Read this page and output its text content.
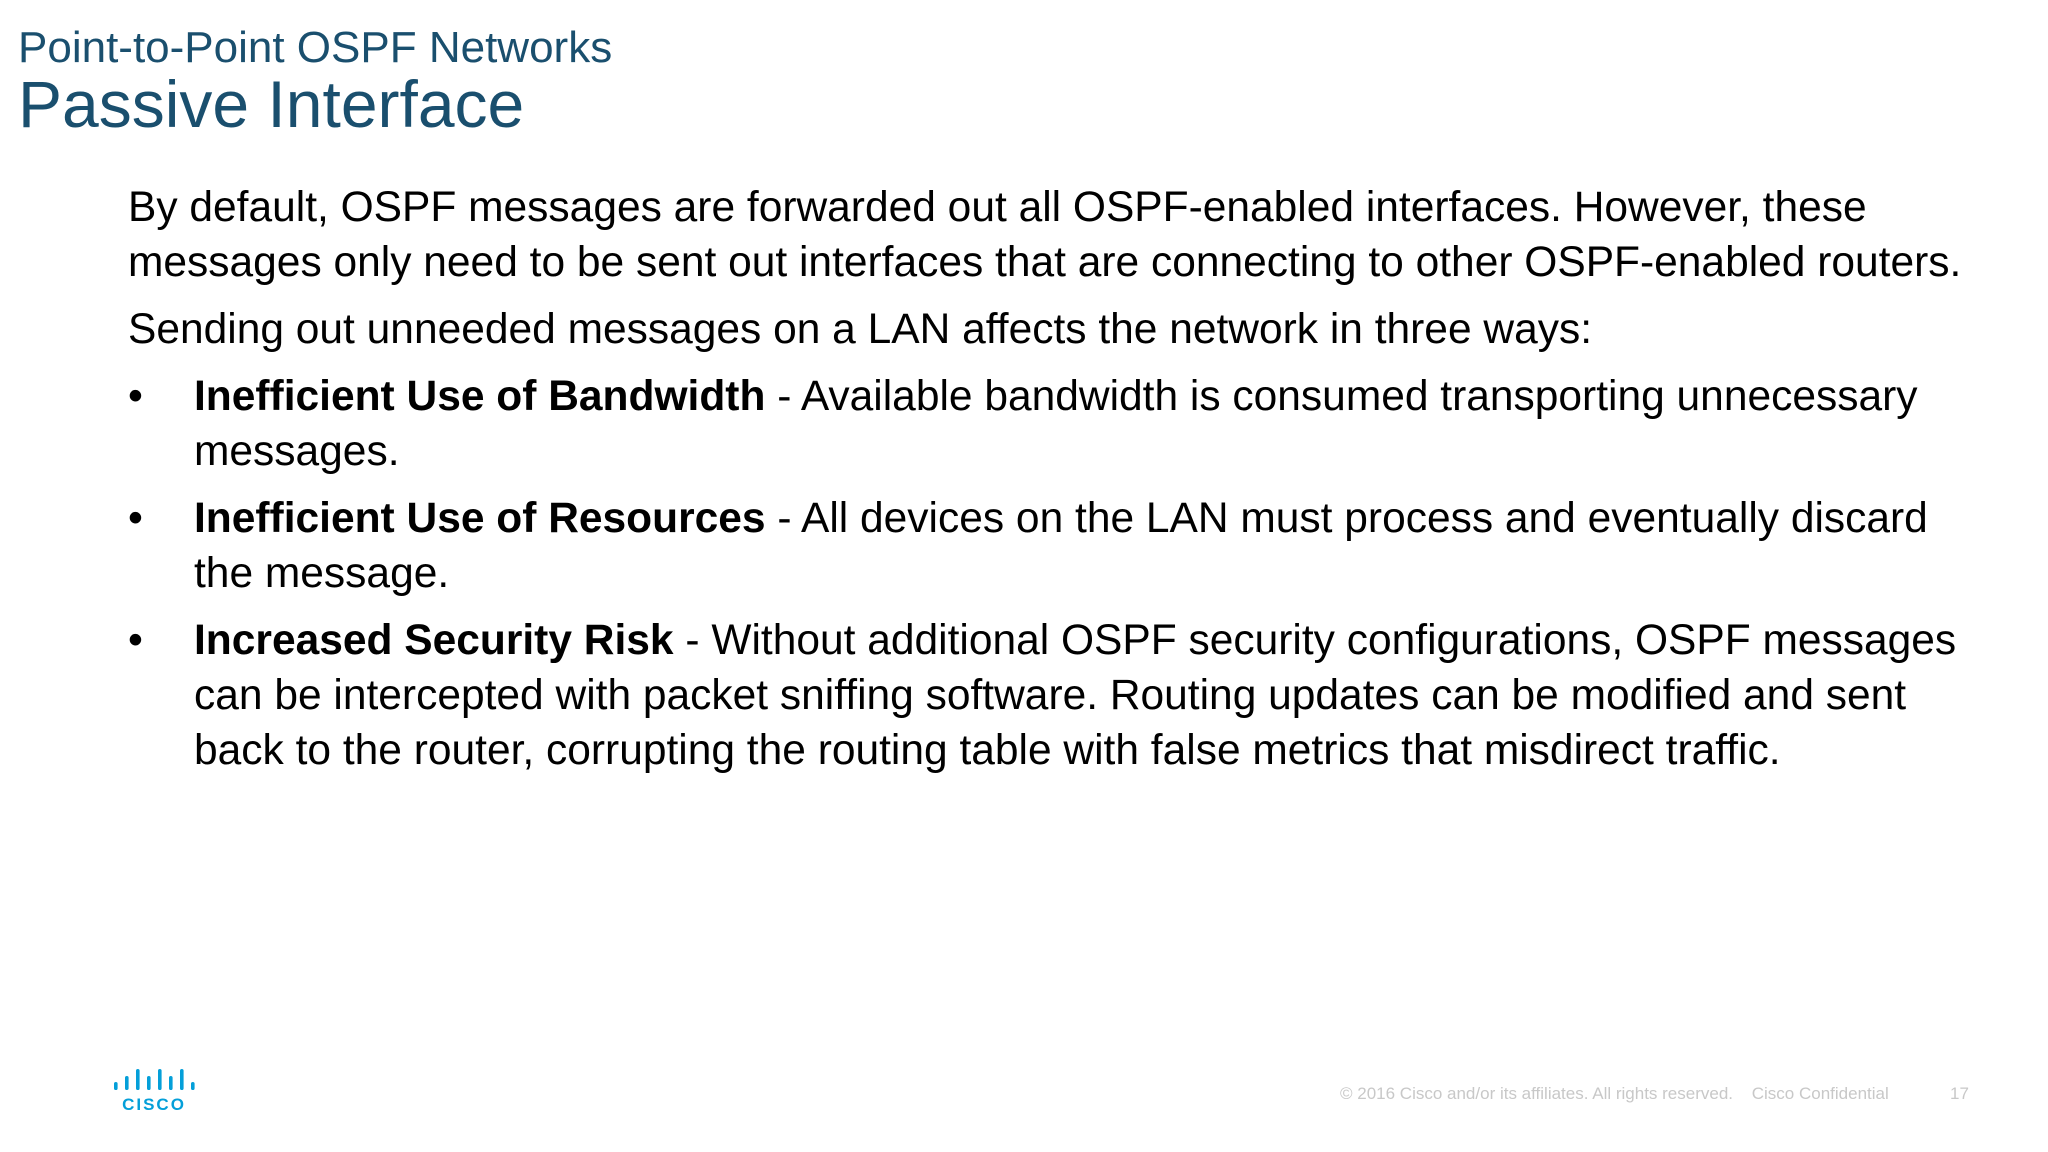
Point-to-Point OSPF Networks
Passive Interface

By default, OSPF messages are forwarded out all OSPF-enabled interfaces. However, these messages only need to be sent out interfaces that are connecting to other OSPF-enabled routers.

Sending out unneeded messages on a LAN affects the network in three ways:

•	Inefficient Use of Bandwidth - Available bandwidth is consumed transporting unnecessary messages.
•	Inefficient Use of Resources - All devices on the LAN must process and eventually discard the message.
•	Increased Security Risk - Without additional OSPF security configurations, OSPF messages can be intercepted with packet sniffing software. Routing updates can be modified and sent back to the router, corrupting the routing table with false metrics that misdirect traffic.
CISCO
© 2016 Cisco and/or its affiliates. All rights reserved. Cisco Confidential	17
